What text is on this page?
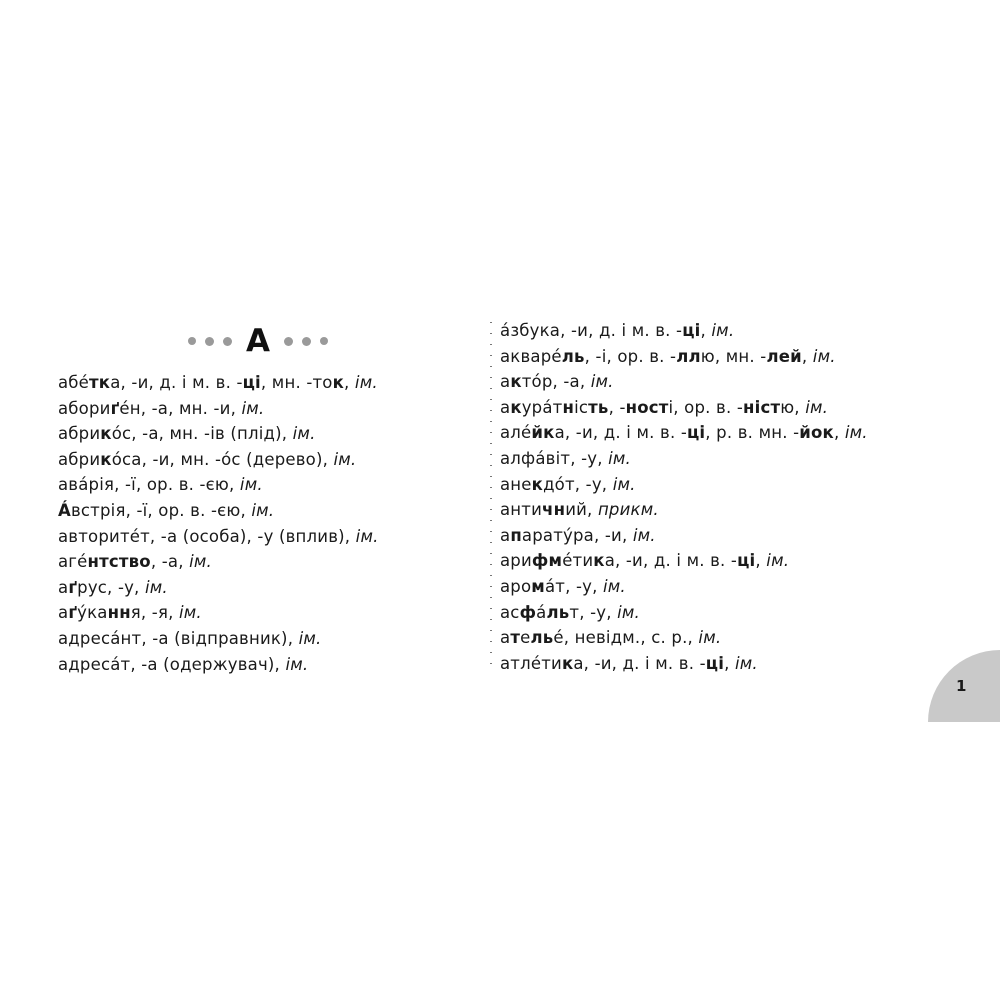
А
абéтка, -и, д. і м. в. -ці, мн. -ток, ім.
абориґéн, -а, мн. -и, ім.
абрикóс, -а, мн. -ів (плід), ім.
абрикóса, -и, мн. -óс (дерево), ім.
авáрія, -ї, ор. в. -єю, ім.
Áвстрія, -ї, ор. в. -єю, ім.
авторитéт, -а (особа), -у (вплив), ім.
агéнтство, -а, ім.
аґрус, -у, ім.
аґýкання, -я, ім.
адресáнт, -а (відправник), ім.
адресáт, -а (одержувач), ім.
áзбука, -и, д. і м. в. -ці, ім.
акварéль, -і, ор. в. -ллю, мн. -лей, ім.
актóр, -а, ім.
акурáтність, -ності, ор. в. -ністю, ім.
алéйка, -и, д. і м. в. -ці, р. в. мн. -йок, ім.
алфáвіт, -у, ім.
анекдóт, -у, ім.
античний, прикм.
апаратýра, -и, ім.
арифмéтика, -и, д. і м. в. -ці, ім.
аромáт, -у, ім.
асфáльт, -у, ім.
ательé, невідм., с. р., ім.
атлéтика, -и, д. і м. в. -ці, ім.
1
